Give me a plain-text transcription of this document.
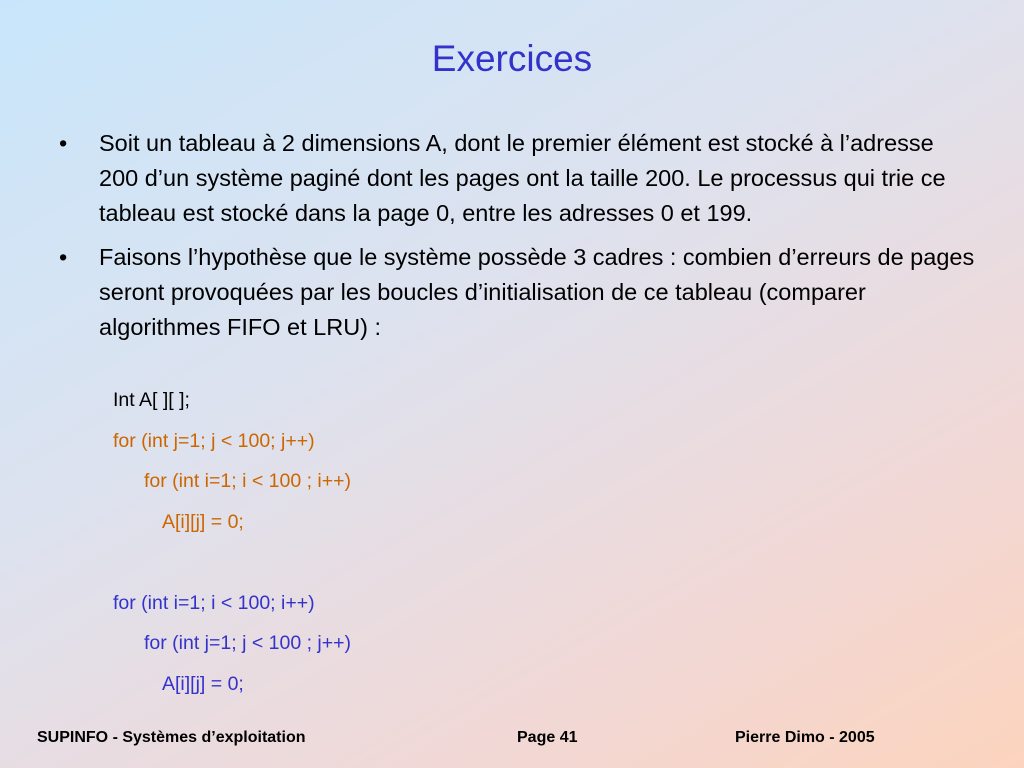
Exercices
• Soit un tableau à 2 dimensions A, dont le premier élément est stocké à l’adresse 200 d’un système paginé dont les pages ont la taille 200. Le processus qui trie ce tableau est stocké dans la page 0, entre les adresses 0 et 199.
• Faisons l’hypothèse que le système possède 3 cadres : combien d’erreurs de pages seront provoquées par les boucles d’initialisation de ce tableau (comparer algorithmes FIFO et LRU) :
Int A[ ][ ];
for (int j=1; j < 100; j++)
for (int i=1; i < 100 ; i++)
A[i][j] = 0;
for (int i=1; i < 100; i++)
for (int j=1; j < 100 ; j++)
A[i][j] = 0;
SUPINFO - Systèmes d’exploitation	Page 41	Pierre Dimo - 2005
